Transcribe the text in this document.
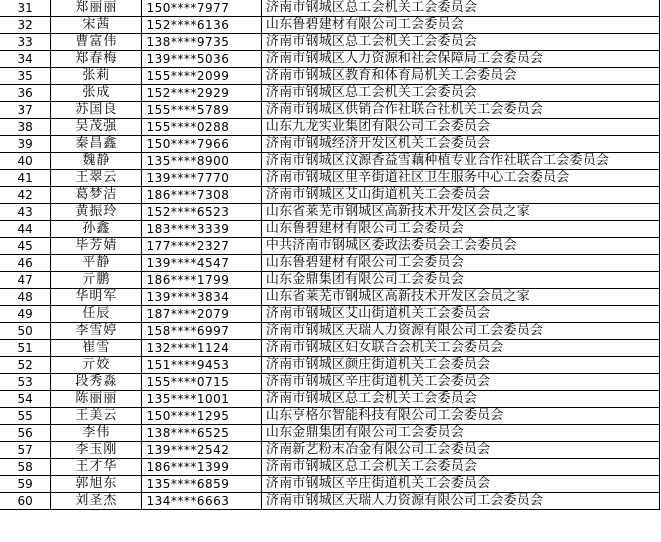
31	郑丽丽	150****7977	济南市钢城区总工会机关工会委员会
32	宋茜	152****6136	山东鲁碧建材有限公司工会委员会
33	曹富伟	138****9735	济南市钢城区总工会机关工会委员会
34	郑春梅	139****5036	济南市钢城区人力资源和社会保障局工会委员会
35	张莉	155****2099	济南市钢城区教育和体育局机关工会委员会
36	张成	152****2929	济南市钢城区总工会机关工会委员会
37	苏国良	155****5789	济南市钢城区供销合作社联合社机关工会委员会
38	吴茂强	155****0288	山东九龙实业集团有限公司工会委员会
39	秦昌鑫	150****7966	济南市钢城经济开发区机关工会委员会
40	魏静	135****8900	济南市钢城区汶源香益雪藕种植专业合作社联合工会委员会
41	王翠云	139****7770	济南市钢城区里辛街道社区卫生服务中心工会委员会
42	葛梦洁	186****7308	济南市钢城区艾山街道机关工会委员会
43	黄振玲	152****6523	山东省莱芜市钢城区高新技术开发区会员之家
44	孙鑫	183****3339	山东鲁碧建材有限公司工会委员会
45	毕芳婧	177****2327	中共济南市钢城区委政法委员会工会委员会
46	平静	139****4547	山东鲁碧建材有限公司工会委员会
47	亓鹏	186****1799	山东金鼎集团有限公司工会委员会
48	华明军	139****3834	山东省莱芜市钢城区高新技术开发区会员之家
49	任辰	187****2079	济南市钢城区艾山街道机关工会委员会
50	李雪婷	158****6997	济南市钢城区天瑞人力资源有限公司工会委员会
51	崔雪	132****1124	济南市钢城区妇女联合会机关工会委员会
52	亓姣	151****9453	济南市钢城区颜庄街道机关工会委员会
53	段秀淼	155****0715	济南市钢城区辛庄街道机关工会委员会
54	陈丽丽	135****1001	济南市钢城区总工会机关工会委员会
55	王美云	150****1295	山东亨格尔智能科技有限公司工会委员会
56	李伟	138****6525	山东金鼎集团有限公司工会委员会
57	李玉刚	139****2542	济南新艺粉末冶金有限公司工会委员会
58	王才华	186****1399	济南市钢城区总工会机关工会委员会
59	郭旭东	135****6859	济南市钢城区辛庄街道机关工会委员会
60	刘圣杰	134****6663	济南市钢城区天瑞人力资源有限公司工会委员会
